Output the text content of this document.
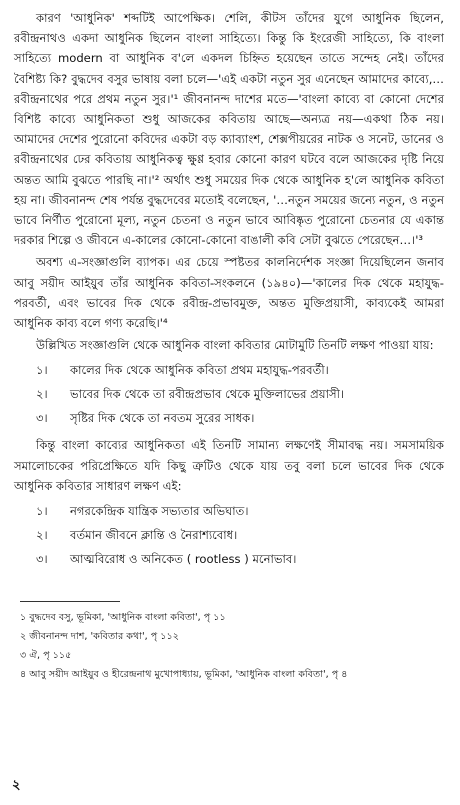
কারণ 'আধুনিক' শব্দটিই আপেক্ষিক। শেলি, কীটস তাঁদের যুগে আধুনিক ছিলেন, রবীন্দ্রনাথও একদা আধুনিক ছিলেন বাংলা সাহিত্যে। কিন্তু কি ইংরেজী সাহিত্যে, কি বাংলা সাহিত্যে modern বা আধুনিক ব'লে একদল চিহ্নিত হয়েছেন তাতে সন্দেহ নেই। তাঁদের বৈশিষ্ট্য কি? বুদ্ধদেব বসুর ভাষায় বলা চলে—'এই একটা নতুন সুর এনেছেন আমাদের কাব্যে,…রবীন্দ্রনাথের পরে প্রথম নতুন সুর।'¹ জীবনানন্দ দাশের মতে—'বাংলা কাব্যে বা কোনো দেশের বিশিষ্ট কাব্যে আধুনিকতা শুধু আজকের কবিতায় আছে—অন্যত্র নয়—একথা ঠিক নয়। আমাদের দেশের পুরোনো কবিদের একটা বড় ক্যাব্যাংশ, শেক্সপীয়রের নাটক ও সনেট, ডানের ও রবীন্দ্রনাথের ঢের কবিতায় আধুনিকত্ব ক্ষুণ্ণ হবার কোনো কারণ ঘটবে বলে আজকের দৃষ্টি নিয়ে অন্তত আমি বুঝতে পারছি না।'² অর্থাৎ শুধু সময়ের দিক থেকে আধুনিক হ'লে আধুনিক কবিতা হয় না। জীবনানন্দ শেষ পর্যন্ত বুদ্ধদেবের মতোই বলেছেন, '…নতুন সময়ের জন্যে নতুন, ও নতুন ভাবে নির্ণীত পুরোনো মূল্য, নতুন চেতনা ও নতুন ভাবে আবিষ্কৃত পুরোনো চেতনার যে একান্ত দরকার শিল্পে ও জীবনে এ-কালের কোনো-কোনো বাঙালী কবি সেটা বুঝতে পেরেছেন…।'³

অবশ্য এ-সংজ্ঞাগুলি ব্যাপক। এর চেয়ে স্পষ্টতর কালনির্দেশক সংজ্ঞা দিয়েছিলেন জনাব আবু সয়ীদ আইয়ুব তাঁর আধুনিক কবিতা-সংকলনে (১৯৪০)—'কালের দিক থেকে মহাযুদ্ধ-পরবর্তী, এবং ভাবের দিক থেকে রবীন্দ্র-প্রভাবমুক্ত, অন্তত মুক্তিপ্রয়াসী, কাব্যকেই আমরা আধুনিক কাব্য বলে গণ্য করেছি।'⁴

উল্লিখিত সংজ্ঞাগুলি থেকে আধুনিক বাংলা কবিতার মোটামুটি তিনটি লক্ষণ পাওয়া যায়:

১।	কালের দিক থেকে আধুনিক কবিতা প্রথম মহাযুদ্ধ-পরবর্তী।
২।	ভাবের দিক থেকে তা রবীন্দ্রপ্রভাব থেকে মুক্তিলাভের প্রয়াসী।
৩।	সৃষ্টির দিক থেকে তা নবতম সুরের সাধক।

কিন্তু বাংলা কাব্যের আধুনিকতা এই তিনটি সামান্য লক্ষণেই সীমাবদ্ধ নয়। সমসাময়িক সমালোচকের পরিপ্রেক্ষিতে যদি কিছু ত্রুটিও থেকে যায় তবু বলা চলে ভাবের দিক থেকে আধুনিক কবিতার সাধারণ লক্ষণ এই:

১।	নগরকেন্দ্রিক যান্ত্রিক সভ্যতার অভিঘাত।
২।	বর্তমান জীবনে ক্লান্তি ও নৈরাশ্যবোধ।
৩।	আত্মবিরোধ ও অনিকেত ( rootless ) মনোভাব।

১ বুদ্ধদেব বসু, ভূমিকা, 'আধুনিক বাংলা কবিতা', পৃ ১১

২ জীবনানন্দ দাশ, 'কবিতার কথা', পৃ ১১২

৩ ঐ, পৃ ১১৫

৪ আবু সয়ীদ আইয়ুব ও হীরেন্দ্রনাথ মুখোপাধ্যায়, ভূমিকা, 'আধুনিক বাংলা কবিতা', পৃ ৪

২
